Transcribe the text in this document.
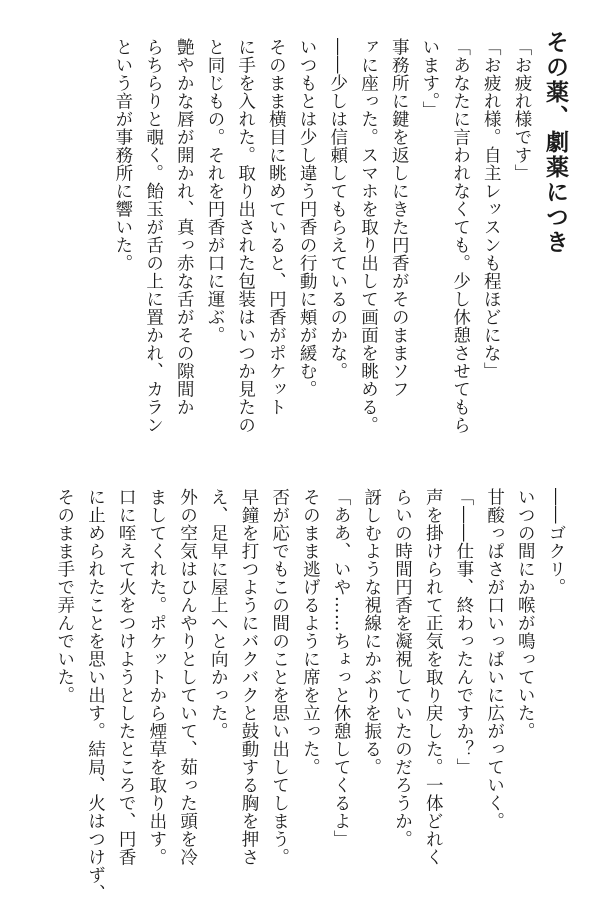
その薬、劇薬につき
「お疲れ様です」
「お疲れ様。自主レッスンも程ほどにな」
「あなたに言われなくても。少し休憩させてもら
います。」
事務所に鍵を返しにきた円香がそのままソフ
ァに座った。スマホを取り出して画面を眺める。
――少しは信頼してもらえているのかな。
いつもとは少し違う円香の行動に頬が緩む。
そのまま横目に眺めていると、円香がポケット
に手を入れた。取り出された包装はいつか見たの
と同じもの。それを円香が口に運ぶ。
艶やかな唇が開かれ、真っ赤な舌がその隙間か
らちらりと覗く。飴玉が舌の上に置かれ、カラン
という音が事務所に響いた。
――ゴクリ。
いつの間にか喉が鳴っていた。
甘酸っぱさが口いっぱいに広がっていく。
「――仕事、終わったんですか？」
声を掛けられて正気を取り戻した。一体どれく
らいの時間円香を凝視していたのだろうか。
訝しむような視線にかぶりを振る。
「ああ、いや……ちょっと休憩してくるよ」
そのまま逃げるように席を立った。
否が応でもこの間のことを思い出してしまう。
早鐘を打つようにバクバクと鼓動する胸を押さ
え、足早に屋上へと向かった。
外の空気はひんやりとしていて、茹った頭を冷
ましてくれた。ポケットから煙草を取り出す。
口に咥えて火をつけようとしたところで、円香
に止められたことを思い出す。結局、火はつけず、
そのまま手で弄んでいた。
